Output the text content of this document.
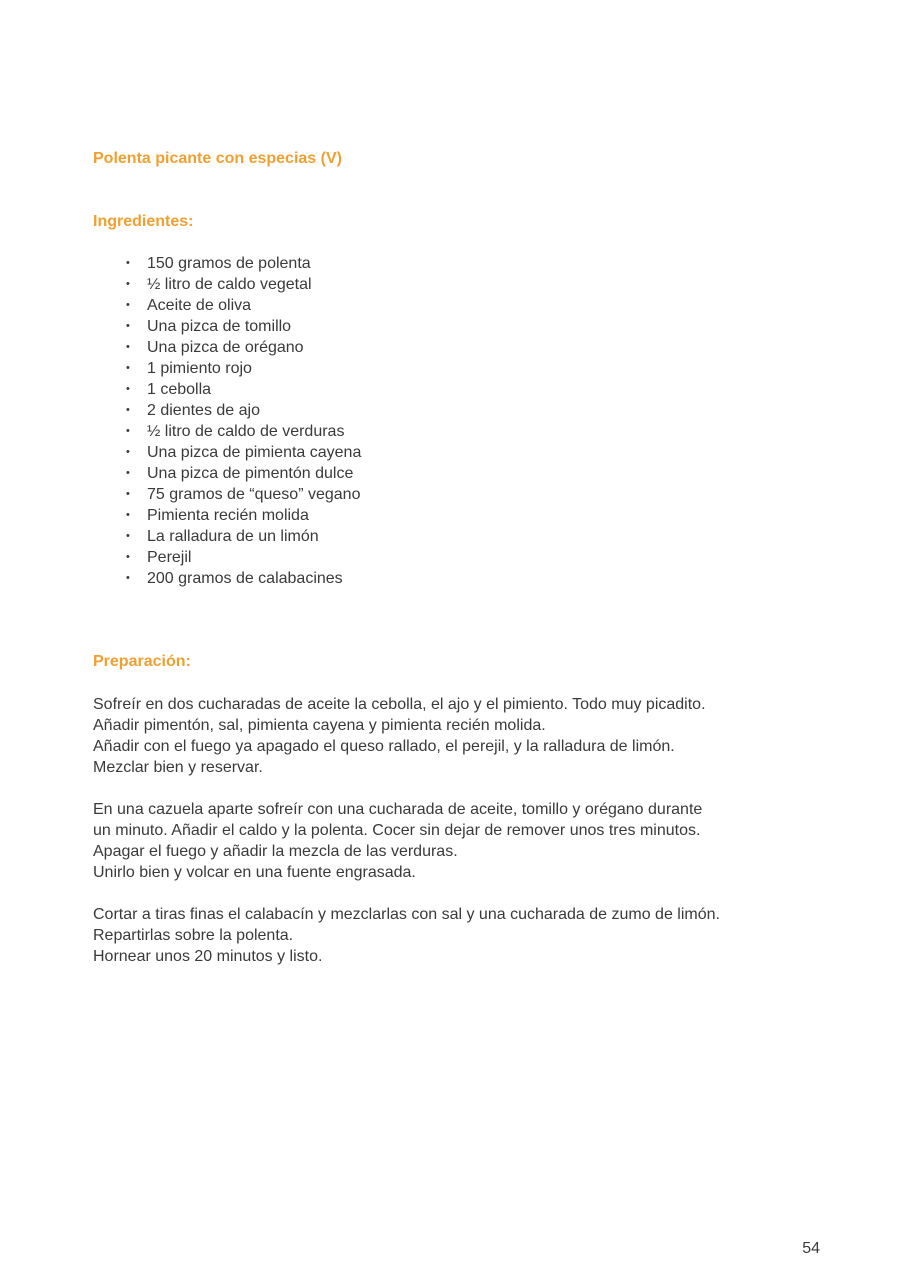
Polenta picante con especias (V)
Ingredientes:
•	150 gramos de polenta
•	½ litro de caldo vegetal
•	Aceite de oliva
•	Una pizca de tomillo
•	Una pizca de orégano
•	1 pimiento rojo
•	1 cebolla
•	2 dientes de ajo
•	½ litro de caldo de verduras
•	Una pizca de pimienta cayena
•	Una pizca de pimentón dulce
•	75 gramos de “queso” vegano
•	Pimienta recién molida
•	La ralladura de un limón
•	Perejil
•	200 gramos de calabacines
Preparación:
Sofreír en dos cucharadas de aceite la cebolla, el ajo y el pimiento. Todo muy picadito.
Añadir pimentón, sal, pimienta cayena y pimienta recién molida.
Añadir con el fuego ya apagado el queso rallado, el perejil, y la ralladura de limón.
Mezclar bien y reservar.
En una cazuela aparte sofreír con una cucharada de aceite, tomillo y orégano durante
un minuto. Añadir el caldo y la polenta. Cocer sin dejar de remover unos tres minutos.
Apagar el fuego y añadir la mezcla de las verduras.
Unirlo bien y volcar en una fuente engrasada.
Cortar a tiras finas el calabacín y mezclarlas con sal y una cucharada de zumo de limón.
Repartirlas sobre la polenta.
Hornear unos 20 minutos y listo.
54
